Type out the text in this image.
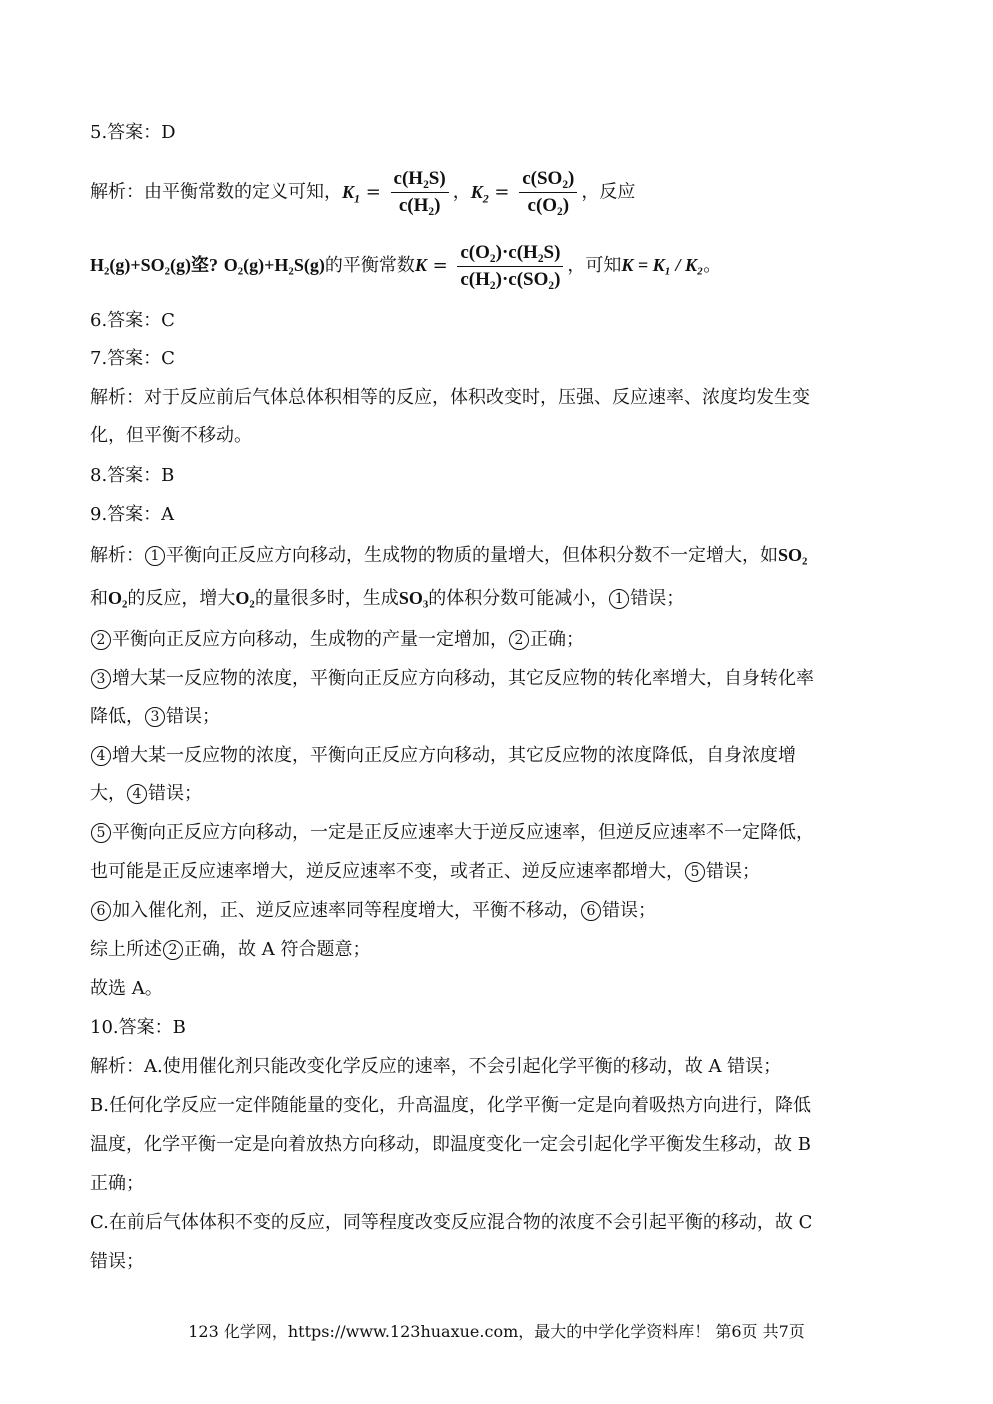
5.答案：D
解析：由平衡常数的定义可知，$K_1 = \frac{\text{c(H₂S)}}{\text{c(H₂)}}$ ，$K_2 = \frac{\text{c(SO₂)}}{\text{c(O₂)}}$ ，反应
H₂(g)+SO₂(g)垐? O₂(g)+H₂S(g)的平衡常数$K = \frac{\text{c(O₂)·c(H₂S)}}{\text{c(H₂)·c(SO₂)}}$ ，可知K = K₁ / K₂。
6.答案：C
7.答案：C
解析：对于反应前后气体总体积相等的反应，体积改变时，压强、反应速率、浓度均发生变
化，但平衡不移动。
8.答案：B
9.答案：A
解析： 1 平衡向正反应方向移动，生成物的物质的量增大，但体积分数不一定增大，如SO₂
和O₂的反应，增大O₂的量很多时，生成SO₃的体积分数可能减小， 1 错误；
2 平衡向正反应方向移动，生成物的产量一定增加， 2 正确；
3 增大某一反应物的浓度，平衡向正反应方向移动，其它反应物的转化率增大，自身转化率
降低， 3 错误；
4 增大某一反应物的浓度，平衡向正反应方向移动，其它反应物的浓度降低，自身浓度增
大， 4 错误；
5 平衡向正反应方向移动，一定是正反应速率大于逆反应速率，但逆反应速率不一定降低，
也可能是正反应速率增大，逆反应速率不变，或者正、逆反应速率都增大， 5 错误；
6 加入催化剂，正、逆反应速率同等程度增大，平衡不移动， 6 错误；
综上所述 2 正确，故 A 符合题意；
故选 A。
10.答案：B
解析：A.使用催化剂只能改变化学反应的速率，不会引起化学平衡的移动，故 A 错误；
B.任何化学反应一定伴随能量的变化，升高温度，化学平衡一定是向着吸热方向进行，降低
温度，化学平衡一定是向着放热方向移动，即温度变化一定会引起化学平衡发生移动，故 B
正确；
C.在前后气体体积不变的反应，同等程度改变反应混合物的浓度不会引起平衡的移动，故 C
错误；
123 化学网，https://www.123huaxue.com，最大的中学化学资料库！ 第6页 共7页
